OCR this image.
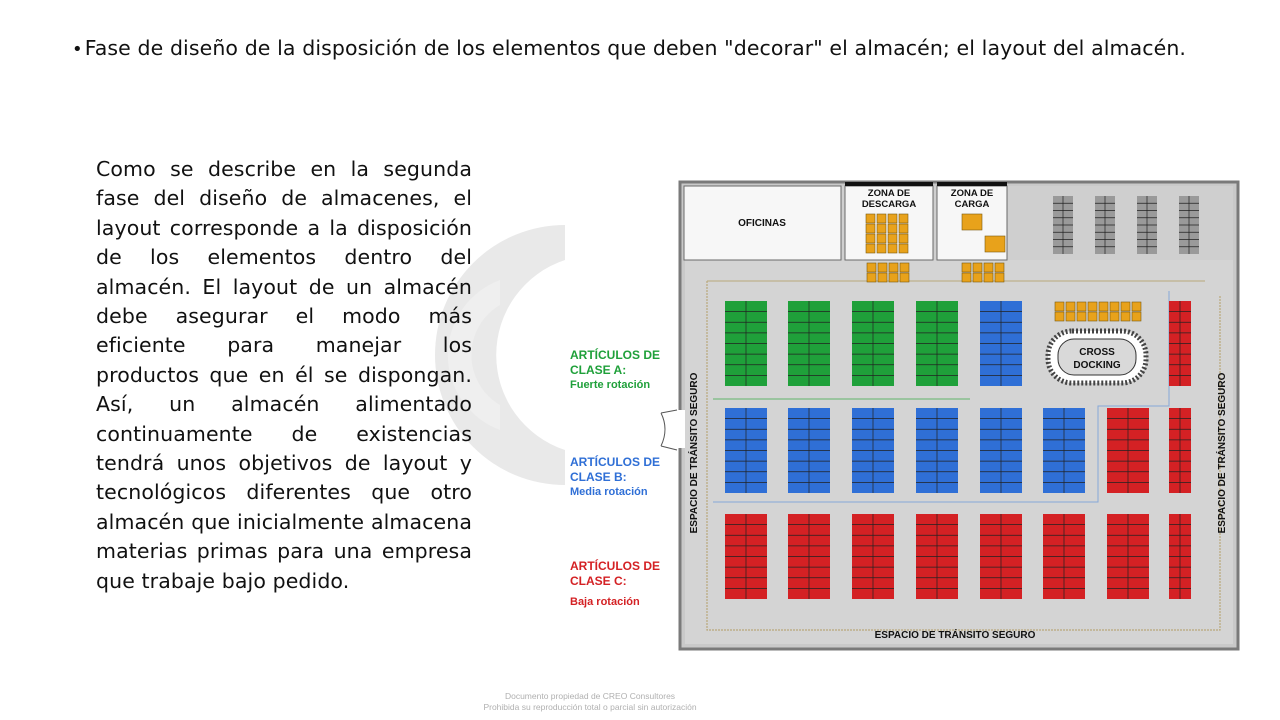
•Fase de diseño de la disposición de los elementos que deben "decorar" el almacén; el layout del almacén.
Como se describe en la segunda fase del diseño de almacenes, el layout corresponde a la disposición de los elementos dentro del almacén. El layout de un almacén debe asegurar el modo más eficiente para manejar los productos que en él se dispongan. Así, un almacén alimentado continuamente de existencias tendrá unos objetivos de layout y tecnológicos diferentes que otro almacén que inicialmente almacena materias primas para una empresa que trabaje bajo pedido.
OFICINAS
ZONA DE
DESCARGA
ZONA DE
CARGA
ESPACIO DE TRÁNSITO SEGURO	ESPACIO DE TRÁNSITO SEGURO
ESPACIO DE TRÁNSITO SEGURO
CROSS
DOCKING
ARTÍCULOS DE
CLASE A:
Fuerte rotación
ARTÍCULOS DE
CLASE B:
Media rotación
ARTÍCULOS DE
CLASE C:
Baja rotación
Documento propiedad de CREO Consultores
Prohibida su reproducción total o parcial sin autorización
